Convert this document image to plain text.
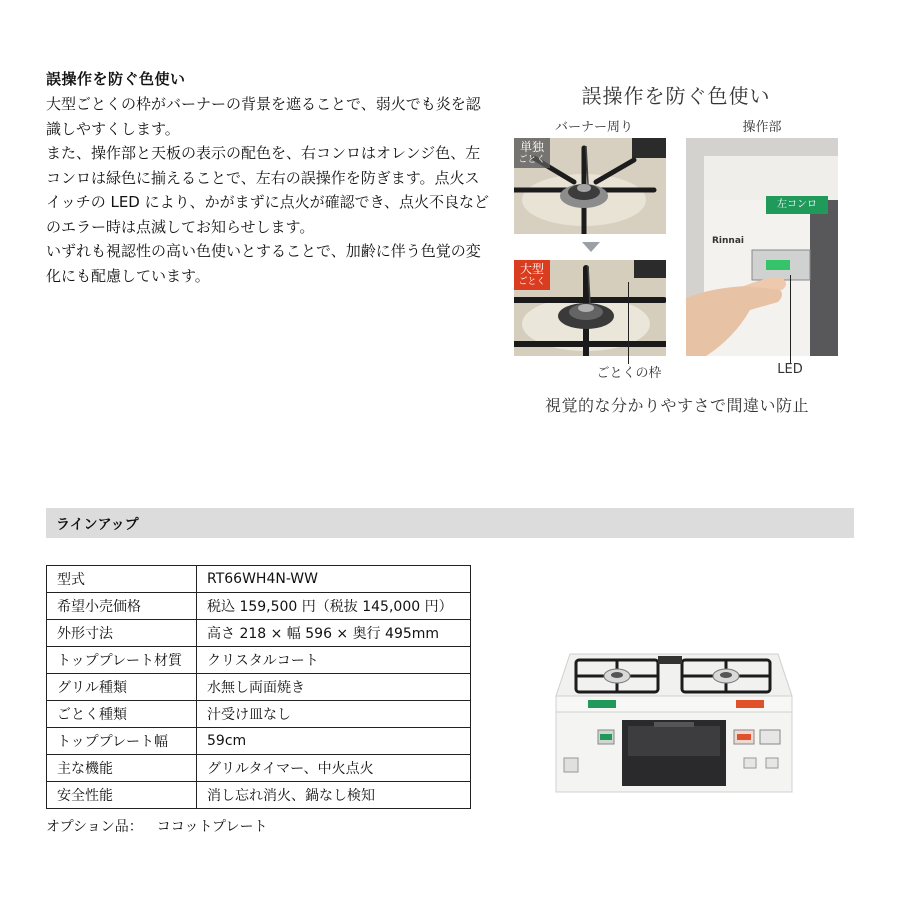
誤操作を防ぐ色使い

大型ごとくの枠がバーナーの背景を遮ることで、弱火でも炎を認識しやすくします。

また、操作部と天板の表示の配色を、右コンロはオレンジ色、左コンロは緑色に揃えることで、左右の誤操作を防ぎます。点火スイッチの LED により、かがまずに点火が確認でき、点火不良などのエラー時は点滅してお知らせします。

いずれも視認性の高い色使いとすることで、加齢に伴う色覚の変化にも配慮しています。

誤操作を防ぐ色使い
バーナー周り	操作部
単独
ごとく
大型
ごとく
左コンロ
Rinnai
ごとくの枠	LED
視覚的な分かりやすさで間違い防止
ラインアップ
型式	RT66WH4N-WW
希望小売価格	税込 159,500 円（税抜 145,000 円）
外形寸法	高さ 218 × 幅 596 × 奥行 495mm
トッププレート材質	クリスタルコート
グリル種類	水無し両面焼き
ごとく種類	汁受け皿なし
トッププレート幅	59cm
主な機能	グリルタイマー、中火点火
安全性能	消し忘れ消火、鍋なし検知
オプション品： ココットプレート
